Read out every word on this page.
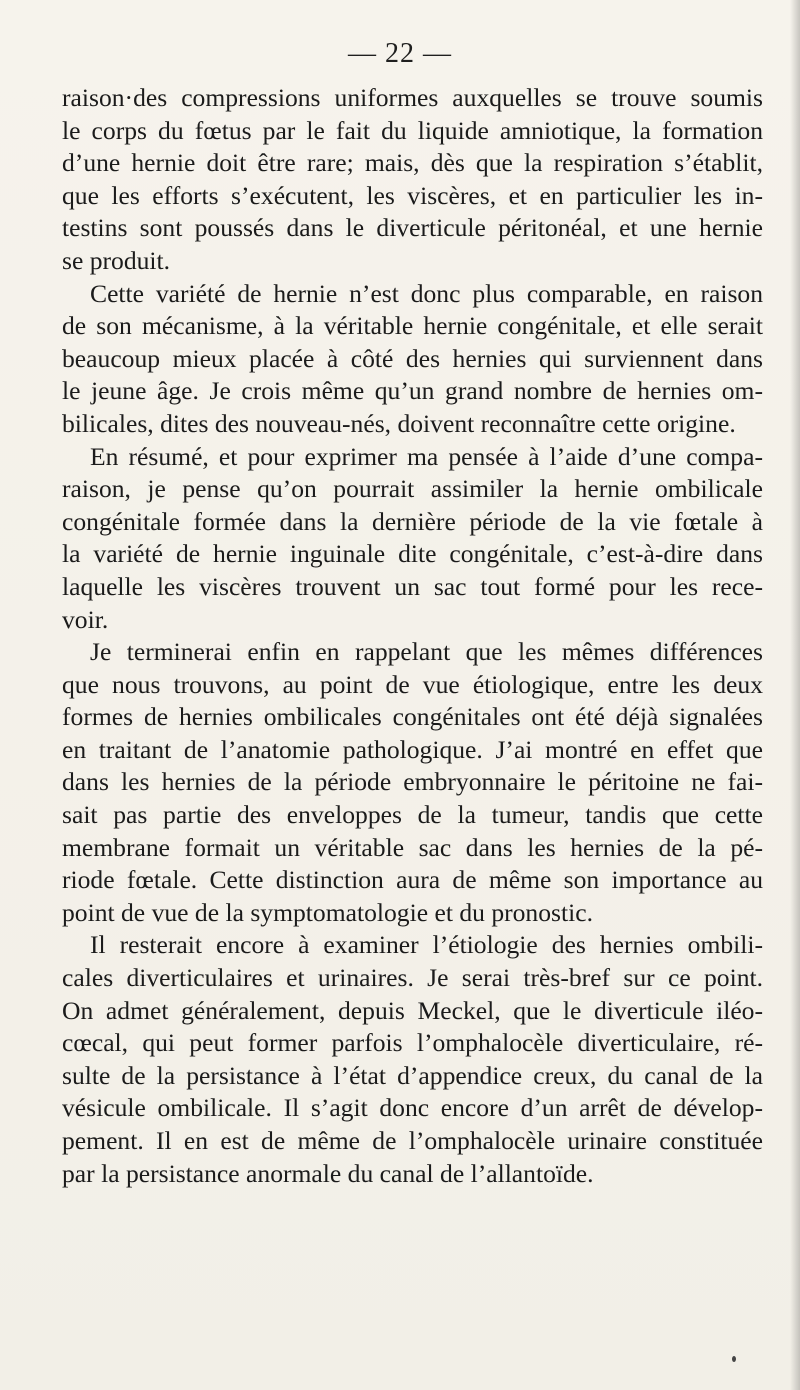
— 22 —
raison·des compressions uniformes auxquelles se trouve soumis
le corps du fœtus par le fait du liquide amniotique, la formation
d’une hernie doit être rare; mais, dès que la respiration s’établit,
que les efforts s’exécutent, les viscères, et en particulier les in-
testins sont poussés dans le diverticule péritonéal, et une hernie
se produit.
Cette variété de hernie n’est donc plus comparable, en raison
de son mécanisme, à la véritable hernie congénitale, et elle serait
beaucoup mieux placée à côté des hernies qui surviennent dans
le jeune âge. Je crois même qu’un grand nombre de hernies om-
bilicales, dites des nouveau-nés, doivent reconnaître cette origine.
En résumé, et pour exprimer ma pensée à l’aide d’une compa-
raison, je pense qu’on pourrait assimiler la hernie ombilicale
congénitale formée dans la dernière période de la vie fœtale à
la variété de hernie inguinale dite congénitale, c’est-à-dire dans
laquelle les viscères trouvent un sac tout formé pour les rece-
voir.
Je terminerai enfin en rappelant que les mêmes différences
que nous trouvons, au point de vue étiologique, entre les deux
formes de hernies ombilicales congénitales ont été déjà signalées
en traitant de l’anatomie pathologique. J’ai montré en effet que
dans les hernies de la période embryonnaire le péritoine ne fai-
sait pas partie des enveloppes de la tumeur, tandis que cette
membrane formait un véritable sac dans les hernies de la pé-
riode fœtale. Cette distinction aura de même son importance au
point de vue de la symptomatologie et du pronostic.
Il resterait encore à examiner l’étiologie des hernies ombili-
cales diverticulaires et urinaires. Je serai très-bref sur ce point.
On admet généralement, depuis Meckel, que le diverticule iléo-
cœcal, qui peut former parfois l’omphalocèle diverticulaire, ré-
sulte de la persistance à l’état d’appendice creux, du canal de la
vésicule ombilicale. Il s’agit donc encore d’un arrêt de dévelop-
pement. Il en est de même de l’omphalocèle urinaire constituée
par la persistance anormale du canal de l’allantoïde.
